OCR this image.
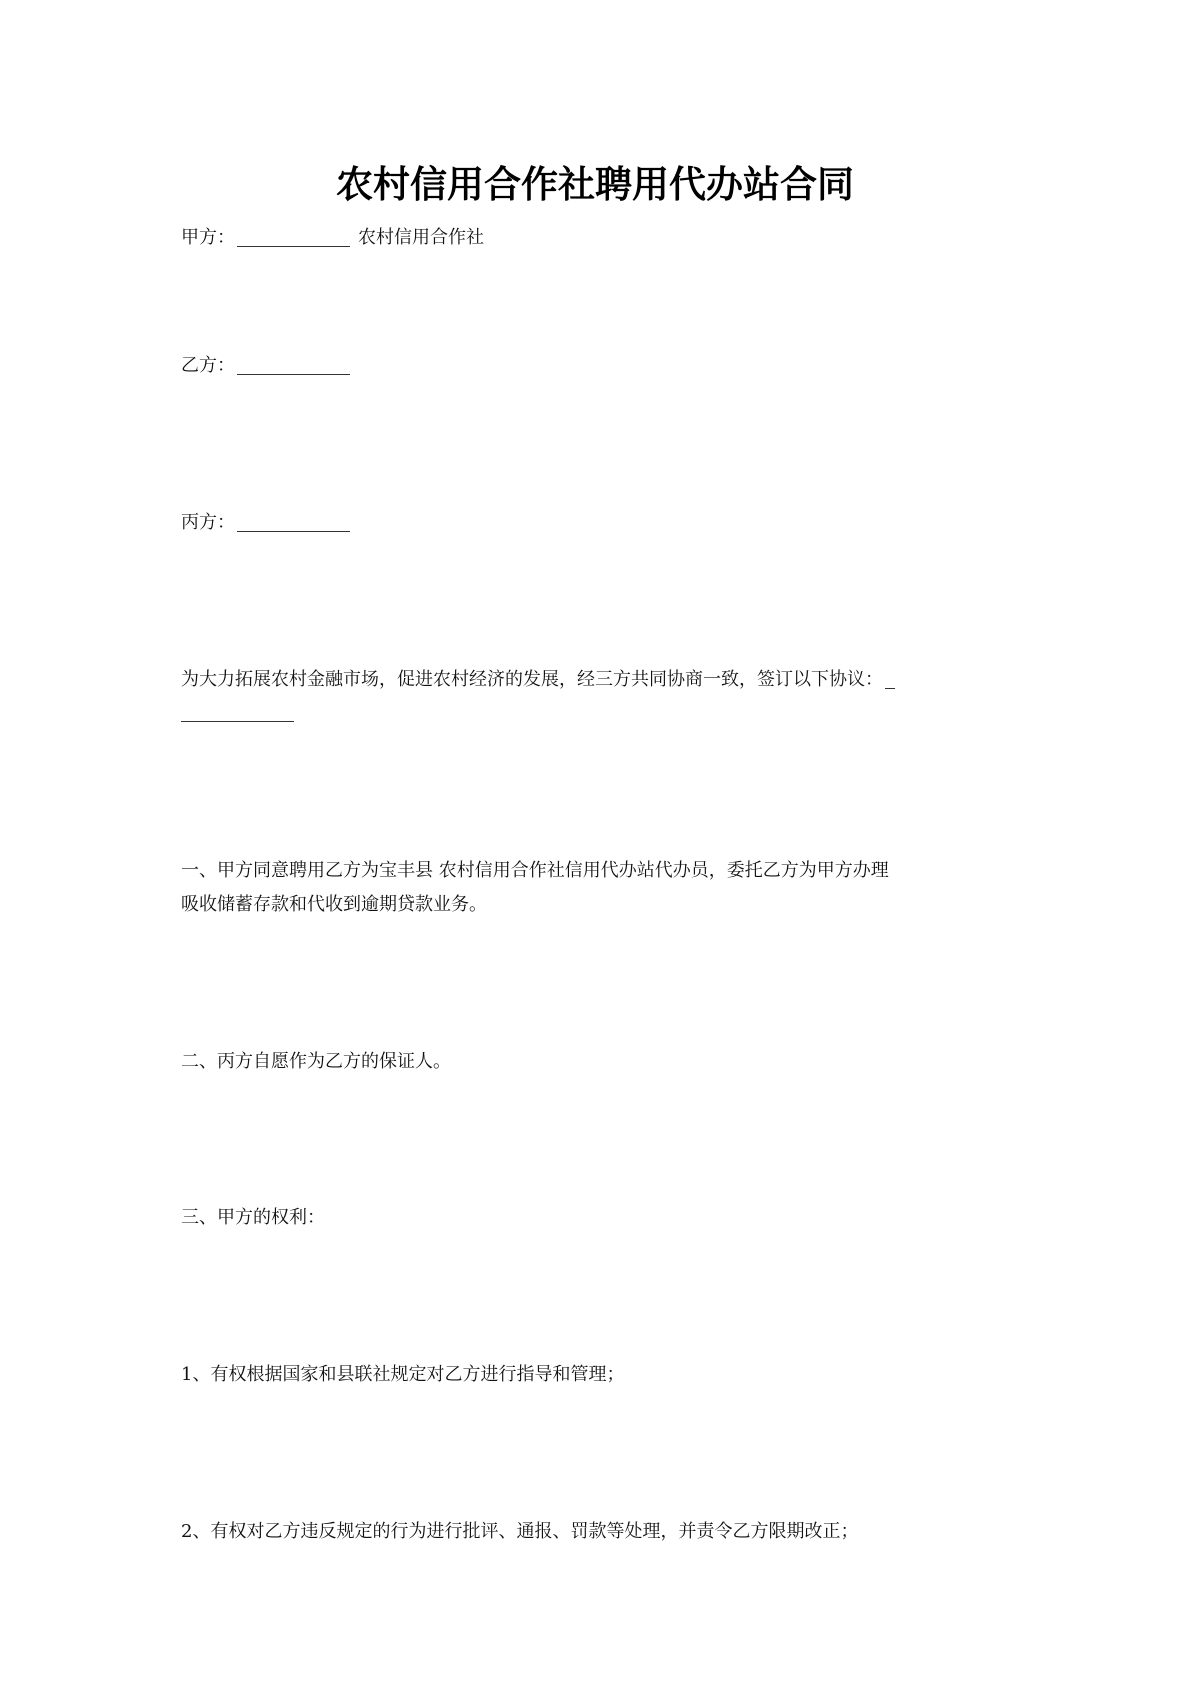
农村信用合作社聘用代办站合同
甲方：	农村信用合作社
乙方：
丙方：
为大力拓展农村金融市场，促进农村经济的发展，经三方共同协商一致，签订以下协议：
一、甲方同意聘用乙方为宝丰县 农村信用合作社信用代办站代办员，委托乙方为甲方办理
吸收储蓄存款和代收到逾期贷款业务。
二、丙方自愿作为乙方的保证人。
三、甲方的权利：
1、有权根据国家和县联社规定对乙方进行指导和管理；
2、有权对乙方违反规定的行为进行批评、通报、罚款等处理，并责令乙方限期改正；
